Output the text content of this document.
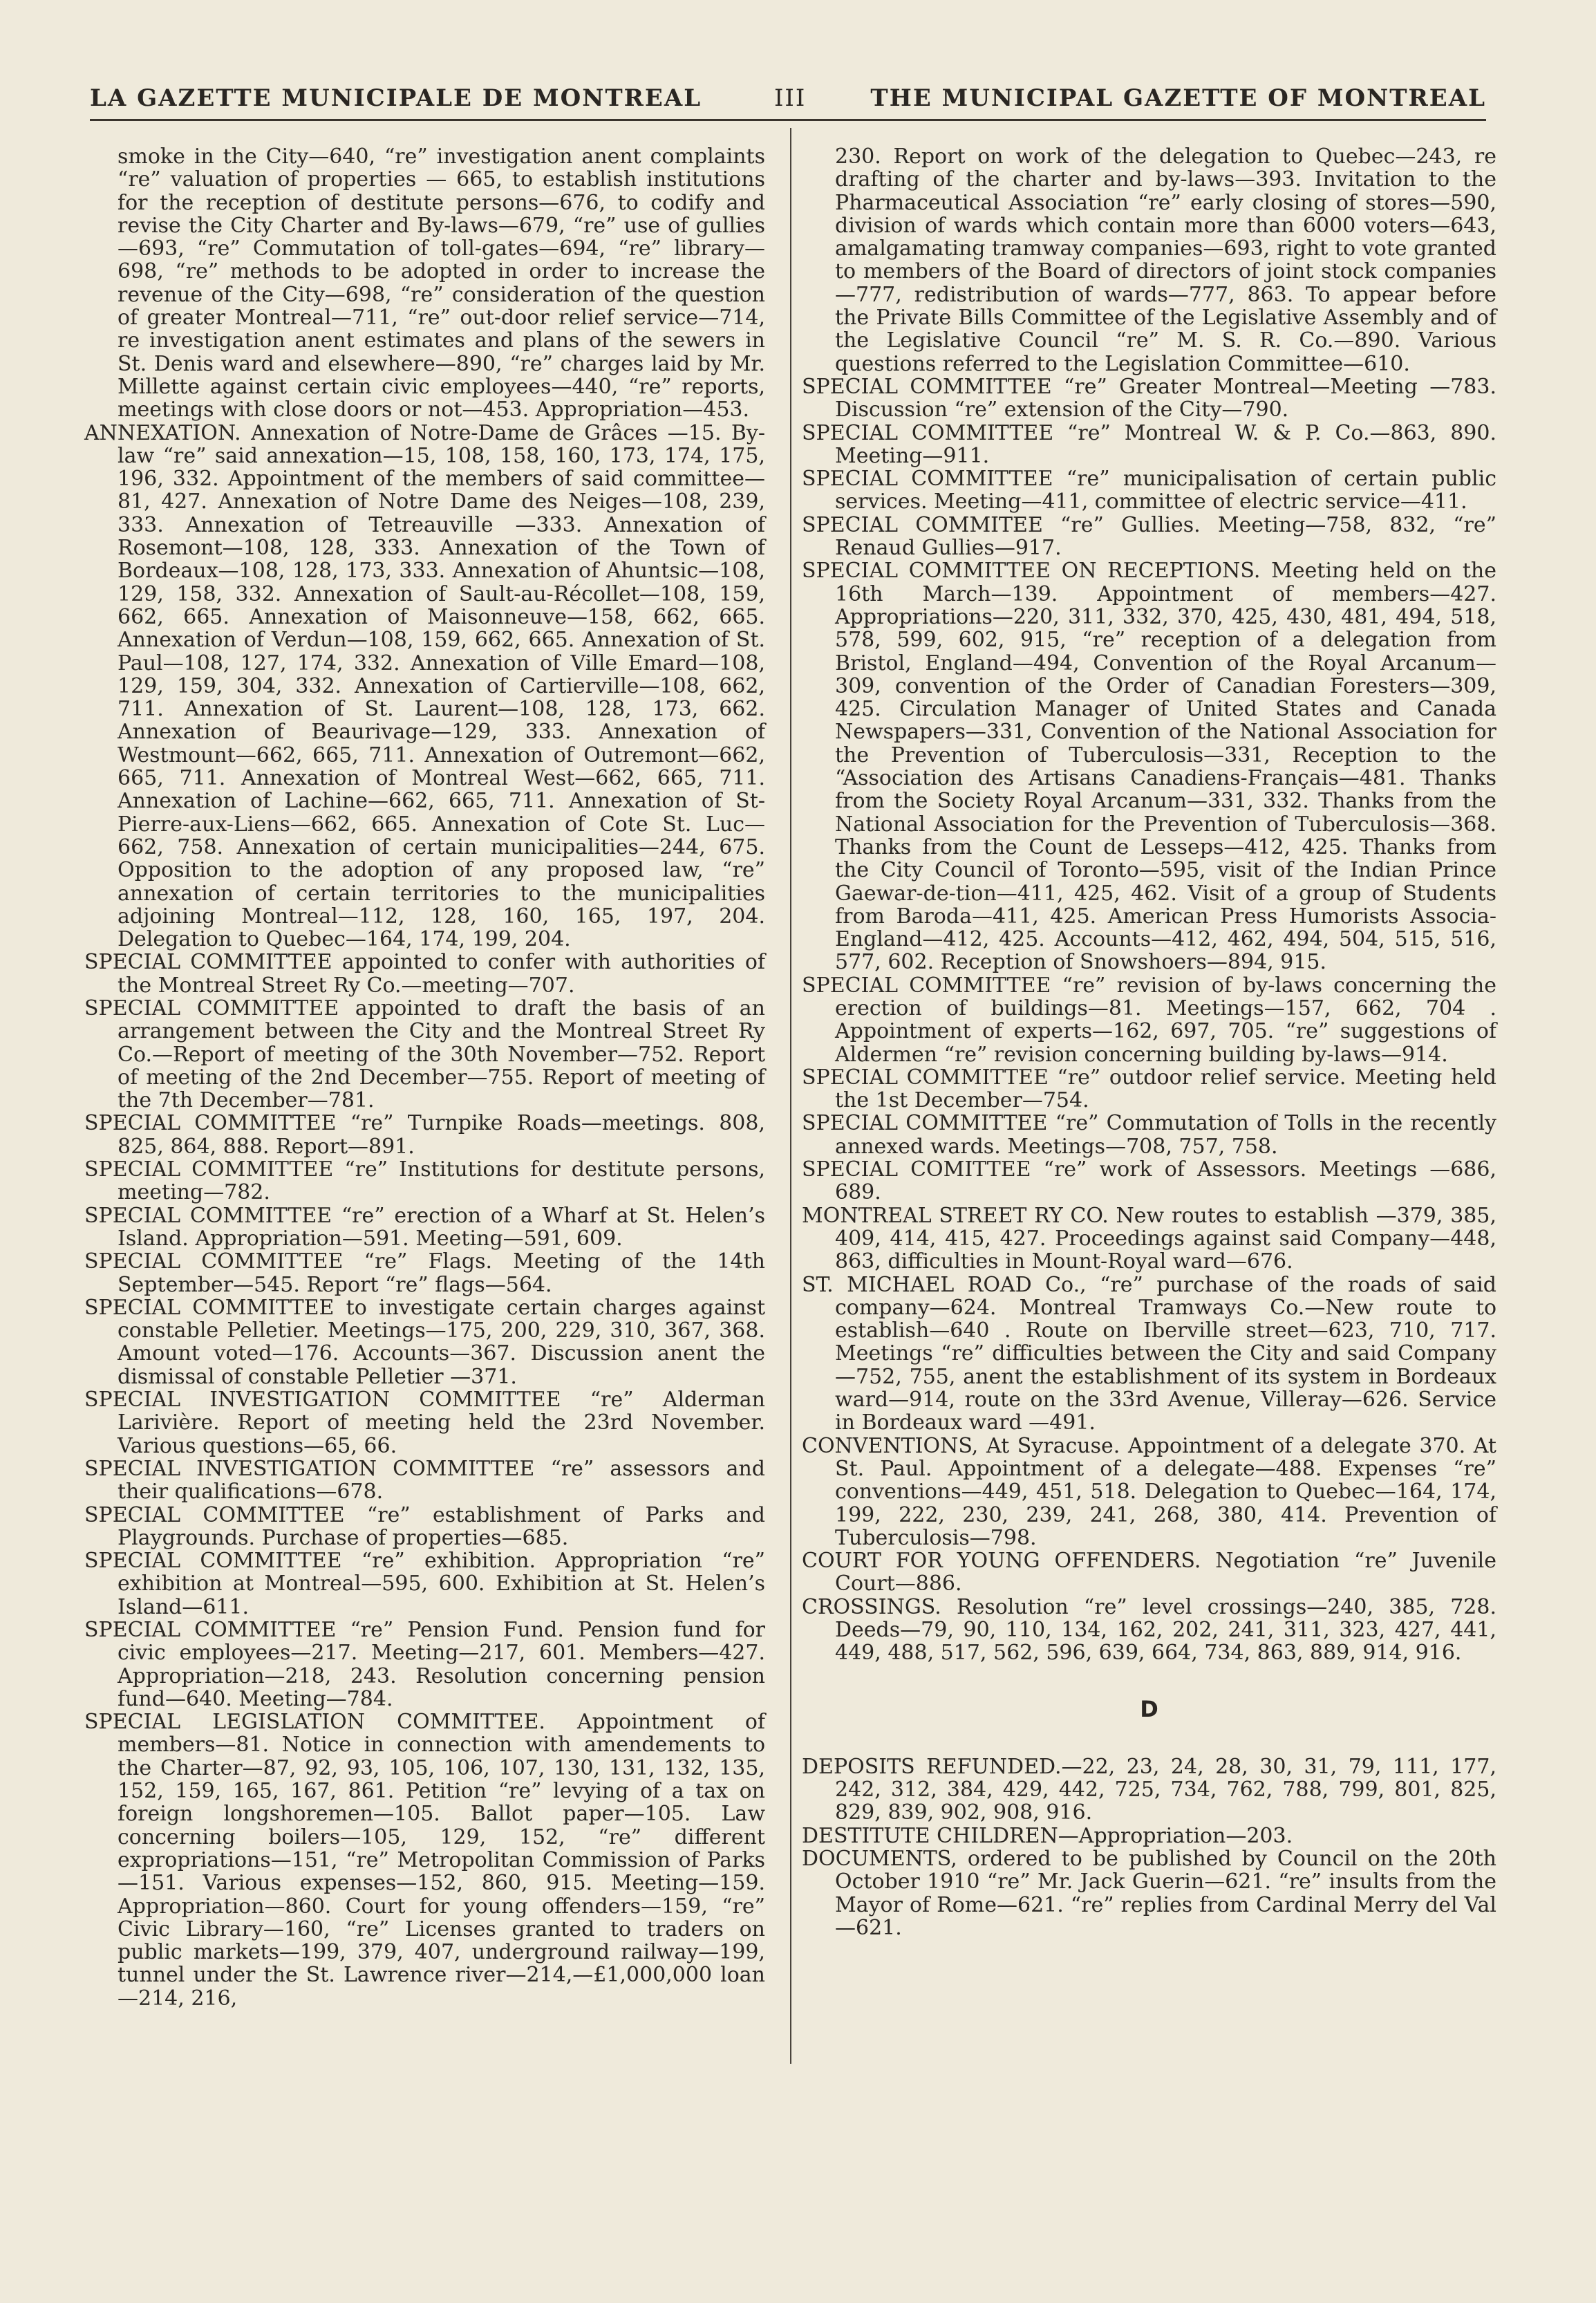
LA GAZETTE MUNICIPALE DE MONTREAL	III	THE MUNICIPAL GAZETTE OF MONTREAL

smoke in the City—640, “re” investigation anent complaints “re” valuation of properties — 665, to establish institutions for the reception of destitute persons—676, to codify and revise the City Charter and By-laws—679, “re” use of gullies—693, “re” Commutation of toll-gates—694, “re” library—698, “re” methods to be adopted in order to increase the revenue of the City—698, “re” consideration of the question of greater Montreal—711, “re” out-door relief service—714, re investigation anent estimates and plans of the sewers in St. Denis ward and elsewhere—890, “re” charges laid by Mr. Millette against certain civic employees—440, “re” reports, meetings with close doors or not—453. Appropriation—453.

ANNEXATION. Annexation of Notre-Dame de Grâces —15. By-law “re” said annexation—15, 108, 158, 160, 173, 174, 175, 196, 332. Appointment of the members of said committee—81, 427. Annexation of Notre Dame des Neiges—108, 239, 333. Annexation of Tetreauville —333. Annexation of Rosemont—108, 128, 333. Annexation of the Town of Bordeaux—108, 128, 173, 333. Annexation of Ahuntsic—108, 129, 158, 332. Annexation of Sault-au-Récollet—108, 159, 662, 665. Annexation of Maisonneuve—158, 662, 665. Annexation of Verdun—108, 159, 662, 665. Annexation of St. Paul—108, 127, 174, 332. Annexation of Ville Emard—108, 129, 159, 304, 332. Annexation of Cartierville—108, 662, 711. Annexation of St. Laurent—108, 128, 173, 662. Annexation of Beaurivage—129, 333. Annexation of Westmount—662, 665, 711. Annexation of Outremont—662, 665, 711. Annexation of Montreal West—662, 665, 711. Annexation of Lachine—662, 665, 711. Annexation of St-Pierre-aux-Liens—662, 665. Annexation of Cote St. Luc—662, 758. Annexation of certain municipalities—244, 675. Opposition to the adoption of any proposed law, “re” annexation of certain territories to the municipalities adjoining Montreal—112, 128, 160, 165, 197, 204. Delegation to Quebec—164, 174, 199, 204.

SPECIAL COMMITTEE appointed to confer with authorities of the Montreal Street Ry Co.—meeting—707.

SPECIAL COMMITTEE appointed to draft the basis of an arrangement between the City and the Montreal Street Ry Co.—Report of meeting of the 30th November—752. Report of meeting of the 2nd December—755. Report of meeting of the 7th December—781.

SPECIAL COMMITTEE “re” Turnpike Roads—meetings. 808, 825, 864, 888. Report—891.

SPECIAL COMMITTEE “re” Institutions for destitute persons, meeting—782.

SPECIAL COMMITTEE “re” erection of a Wharf at St. Helen’s Island. Appropriation—591. Meeting—591, 609.

SPECIAL COMMITTEE “re” Flags. Meeting of the 14th September—545. Report “re” flags—564.

SPECIAL COMMITTEE to investigate certain charges against constable Pelletier. Meetings—175, 200, 229, 310, 367, 368. Amount voted—176. Accounts—367. Discussion anent the dismissal of constable Pelletier —371.

SPECIAL INVESTIGATION COMMITTEE “re” Alderman Larivière. Report of meeting held the 23rd November. Various questions—65, 66.

SPECIAL INVESTIGATION COMMITTEE “re” assessors and their qualifications—678.

SPECIAL COMMITTEE “re” establishment of Parks and Playgrounds. Purchase of properties—685.

SPECIAL COMMITTEE “re” exhibition. Appropriation “re” exhibition at Montreal—595, 600. Exhibition at St. Helen’s Island—611.

SPECIAL COMMITTEE “re” Pension Fund. Pension fund for civic employees—217. Meeting—217, 601. Members—427. Appropriation—218, 243. Resolution concerning pension fund—640. Meeting—784.

SPECIAL LEGISLATION COMMITTEE. Appointment of members—81. Notice in connection with amendements to the Charter—87, 92, 93, 105, 106, 107, 130, 131, 132, 135, 152, 159, 165, 167, 861. Petition “re” levying of a tax on foreign longshoremen—105. Ballot paper—105. Law concerning boilers—105, 129, 152, “re” different expropriations—151, “re” Metropolitan Commission of Parks—151. Various expenses—152, 860, 915. Meeting—159. Appropriation—860. Court for young offenders—159, “re” Civic Library—160, “re” Licenses granted to traders on public markets—199, 379, 407, underground railway—199, tunnel under the St. Lawrence river—214,—£1,000,000 loan—214, 216,

230. Report on work of the delegation to Quebec—243, re drafting of the charter and by-laws—393. Invitation to the Pharmaceutical Association “re” early closing of stores—590, division of wards which contain more than 6000 voters—643, amalgamating tramway companies—693, right to vote granted to members of the Board of directors of joint stock companies—777, redistribution of wards—777, 863. To appear before the Private Bills Committee of the Legislative Assembly and of the Legislative Council “re” M. S. R. Co.—890. Various questions referred to the Legislation Committee—610.

SPECIAL COMMITTEE “re” Greater Montreal—Meeting —783. Discussion “re” extension of the City—790.

SPECIAL COMMITTEE “re” Montreal W. & P. Co.—863, 890. Meeting—911.

SPECIAL COMMITTEE “re” municipalisation of certain public services. Meeting—411, committee of electric service—411.

SPECIAL COMMITEE “re” Gullies. Meeting—758, 832, “re” Renaud Gullies—917.

SPECIAL COMMITTEE ON RECEPTIONS. Meeting held on the 16th March—139. Appointment of members—427. Appropriations—220, 311, 332, 370, 425, 430, 481, 494, 518, 578, 599, 602, 915, “re” reception of a delegation from Bristol, England—494, Convention of the Royal Arcanum—309, convention of the Order of Canadian Foresters—309, 425. Circulation Manager of United States and Canada Newspapers—331, Convention of the National Association for the Prevention of Tuberculosis—331, Reception to the “Association des Artisans Canadiens-Français—481. Thanks from the Society Royal Arcanum—331, 332. Thanks from the National Association for the Prevention of Tuberculosis—368. Thanks from the Count de Lesseps—412, 425. Thanks from the City Council of Toronto—595, visit of the Indian Prince Gaewar-de-tion—411, 425, 462. Visit of a group of Students from Baroda—411, 425. American Press Humorists Associa-England—412, 425. Accounts—412, 462, 494, 504, 515, 516, 577, 602. Reception of Snowshoers—894, 915.

SPECIAL COMMITTEE “re” revision of by-laws concerning the erection of buildings—81. Meetings—157, 662, 704 . Appointment of experts—162, 697, 705. “re” suggestions of Aldermen “re” revision concerning building by-laws—914.

SPECIAL COMMITTEE “re” outdoor relief service. Meeting held the 1st December—754.

SPECIAL COMMITTEE “re” Commutation of Tolls in the recently annexed wards. Meetings—708, 757, 758.

SPECIAL COMITTEE “re” work of Assessors. Meetings —686, 689.

MONTREAL STREET RY CO. New routes to establish —379, 385, 409, 414, 415, 427. Proceedings against said Company—448, 863, difficulties in Mount-Royal ward—676.

ST. MICHAEL ROAD Co., “re” purchase of the roads of said company—624. Montreal Tramways Co.—New route to establish—640 . Route on Iberville street—623, 710, 717. Meetings “re” difficulties between the City and said Company—752, 755, anent the establishment of its system in Bordeaux ward—914, route on the 33rd Avenue, Villeray—626. Service in Bordeaux ward —491.

CONVENTIONS, At Syracuse. Appointment of a delegate 370. At St. Paul. Appointment of a delegate—488. Expenses “re” conventions—449, 451, 518. Delegation to Quebec—164, 174, 199, 222, 230, 239, 241, 268, 380, 414. Prevention of Tuberculosis—798.

COURT FOR YOUNG OFFENDERS. Negotiation “re” Juvenile Court—886.

CROSSINGS. Resolution “re” level crossings—240, 385, 728. Deeds—79, 90, 110, 134, 162, 202, 241, 311, 323, 427, 441, 449, 488, 517, 562, 596, 639, 664, 734, 863, 889, 914, 916.

D

DEPOSITS REFUNDED.—22, 23, 24, 28, 30, 31, 79, 111, 177, 242, 312, 384, 429, 442, 725, 734, 762, 788, 799, 801, 825, 829, 839, 902, 908, 916.

DESTITUTE CHILDREN—Appropriation—203.

DOCUMENTS, ordered to be published by Council on the 20th October 1910 “re” Mr. Jack Guerin—621. “re” insults from the Mayor of Rome—621. “re” replies from Cardinal Merry del Val—621.
